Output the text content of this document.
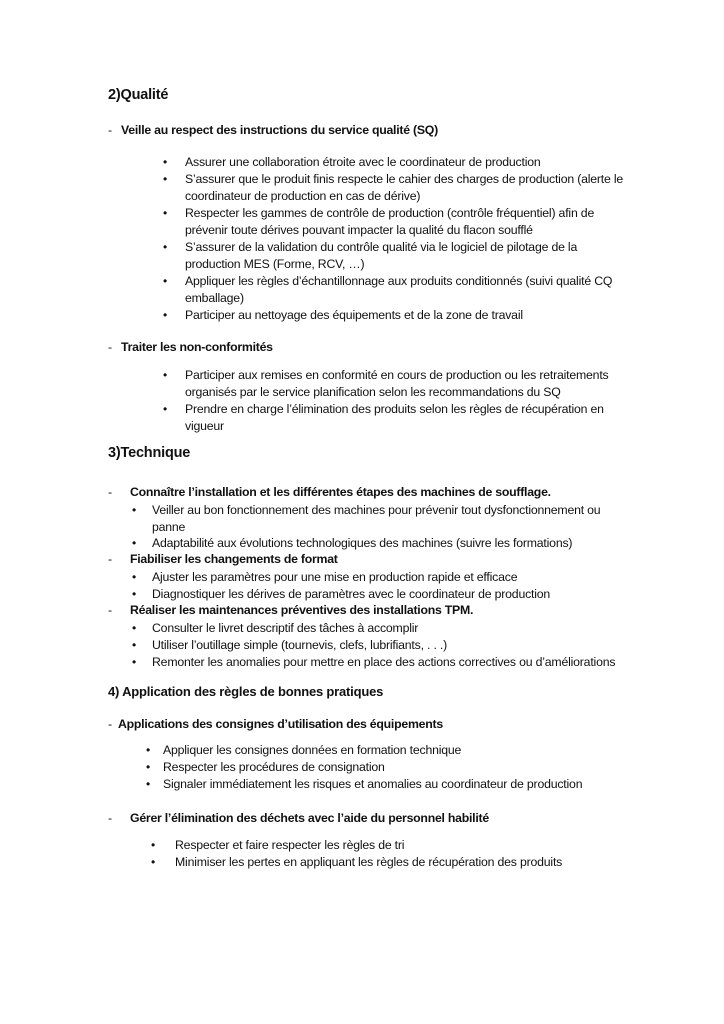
2)Qualité
- Veille au respect des instructions du service qualité (SQ)
• Assurer une collaboration étroite avec le coordinateur de production
• S’assurer que le produit finis respecte le cahier des charges de production (alerte le coordinateur de production en cas de dérive)
• Respecter les gammes de contrôle de production (contrôle fréquentiel) afin de prévenir toute dérives pouvant impacter la qualité du flacon soufflé
• S’assurer de la validation du contrôle qualité via le logiciel de pilotage de la production MES (Forme, RCV, …)
• Appliquer les règles d’échantillonnage aux produits conditionnés (suivi qualité CQ emballage)
• Participer au nettoyage des équipements et de la zone de travail
- Traiter les non-conformités
• Participer aux remises en conformité en cours de production ou les retraitements organisés par le service planification selon les recommandations du SQ
• Prendre en charge l’élimination des produits selon les règles de récupération en vigueur
3)Technique
- Connaître l’installation et les différentes étapes des machines de soufflage.
• Veiller au bon fonctionnement des machines pour prévenir tout dysfonctionnement ou panne
• Adaptabilité aux évolutions technologiques des machines (suivre les formations)
- Fiabiliser les changements de format
• Ajuster les paramètres pour une mise en production rapide et efficace
• Diagnostiquer les dérives de paramètres avec le coordinateur de production
- Réaliser les maintenances préventives des installations TPM.
• Consulter le livret descriptif des tâches à accomplir
• Utiliser l’outillage simple (tournevis, clefs, lubrifiants, . . .)
• Remonter les anomalies pour mettre en place des actions correctives ou d’améliorations
4) Application des règles de bonnes pratiques
- Applications des consignes d’utilisation des équipements
• Appliquer les consignes données en formation technique
• Respecter les procédures de consignation
• Signaler immédiatement les risques et anomalies au coordinateur de production
- Gérer l’élimination des déchets avec l’aide du personnel habilité
• Respecter et faire respecter les règles de tri
• Minimiser les pertes en appliquant les règles de récupération des produits
